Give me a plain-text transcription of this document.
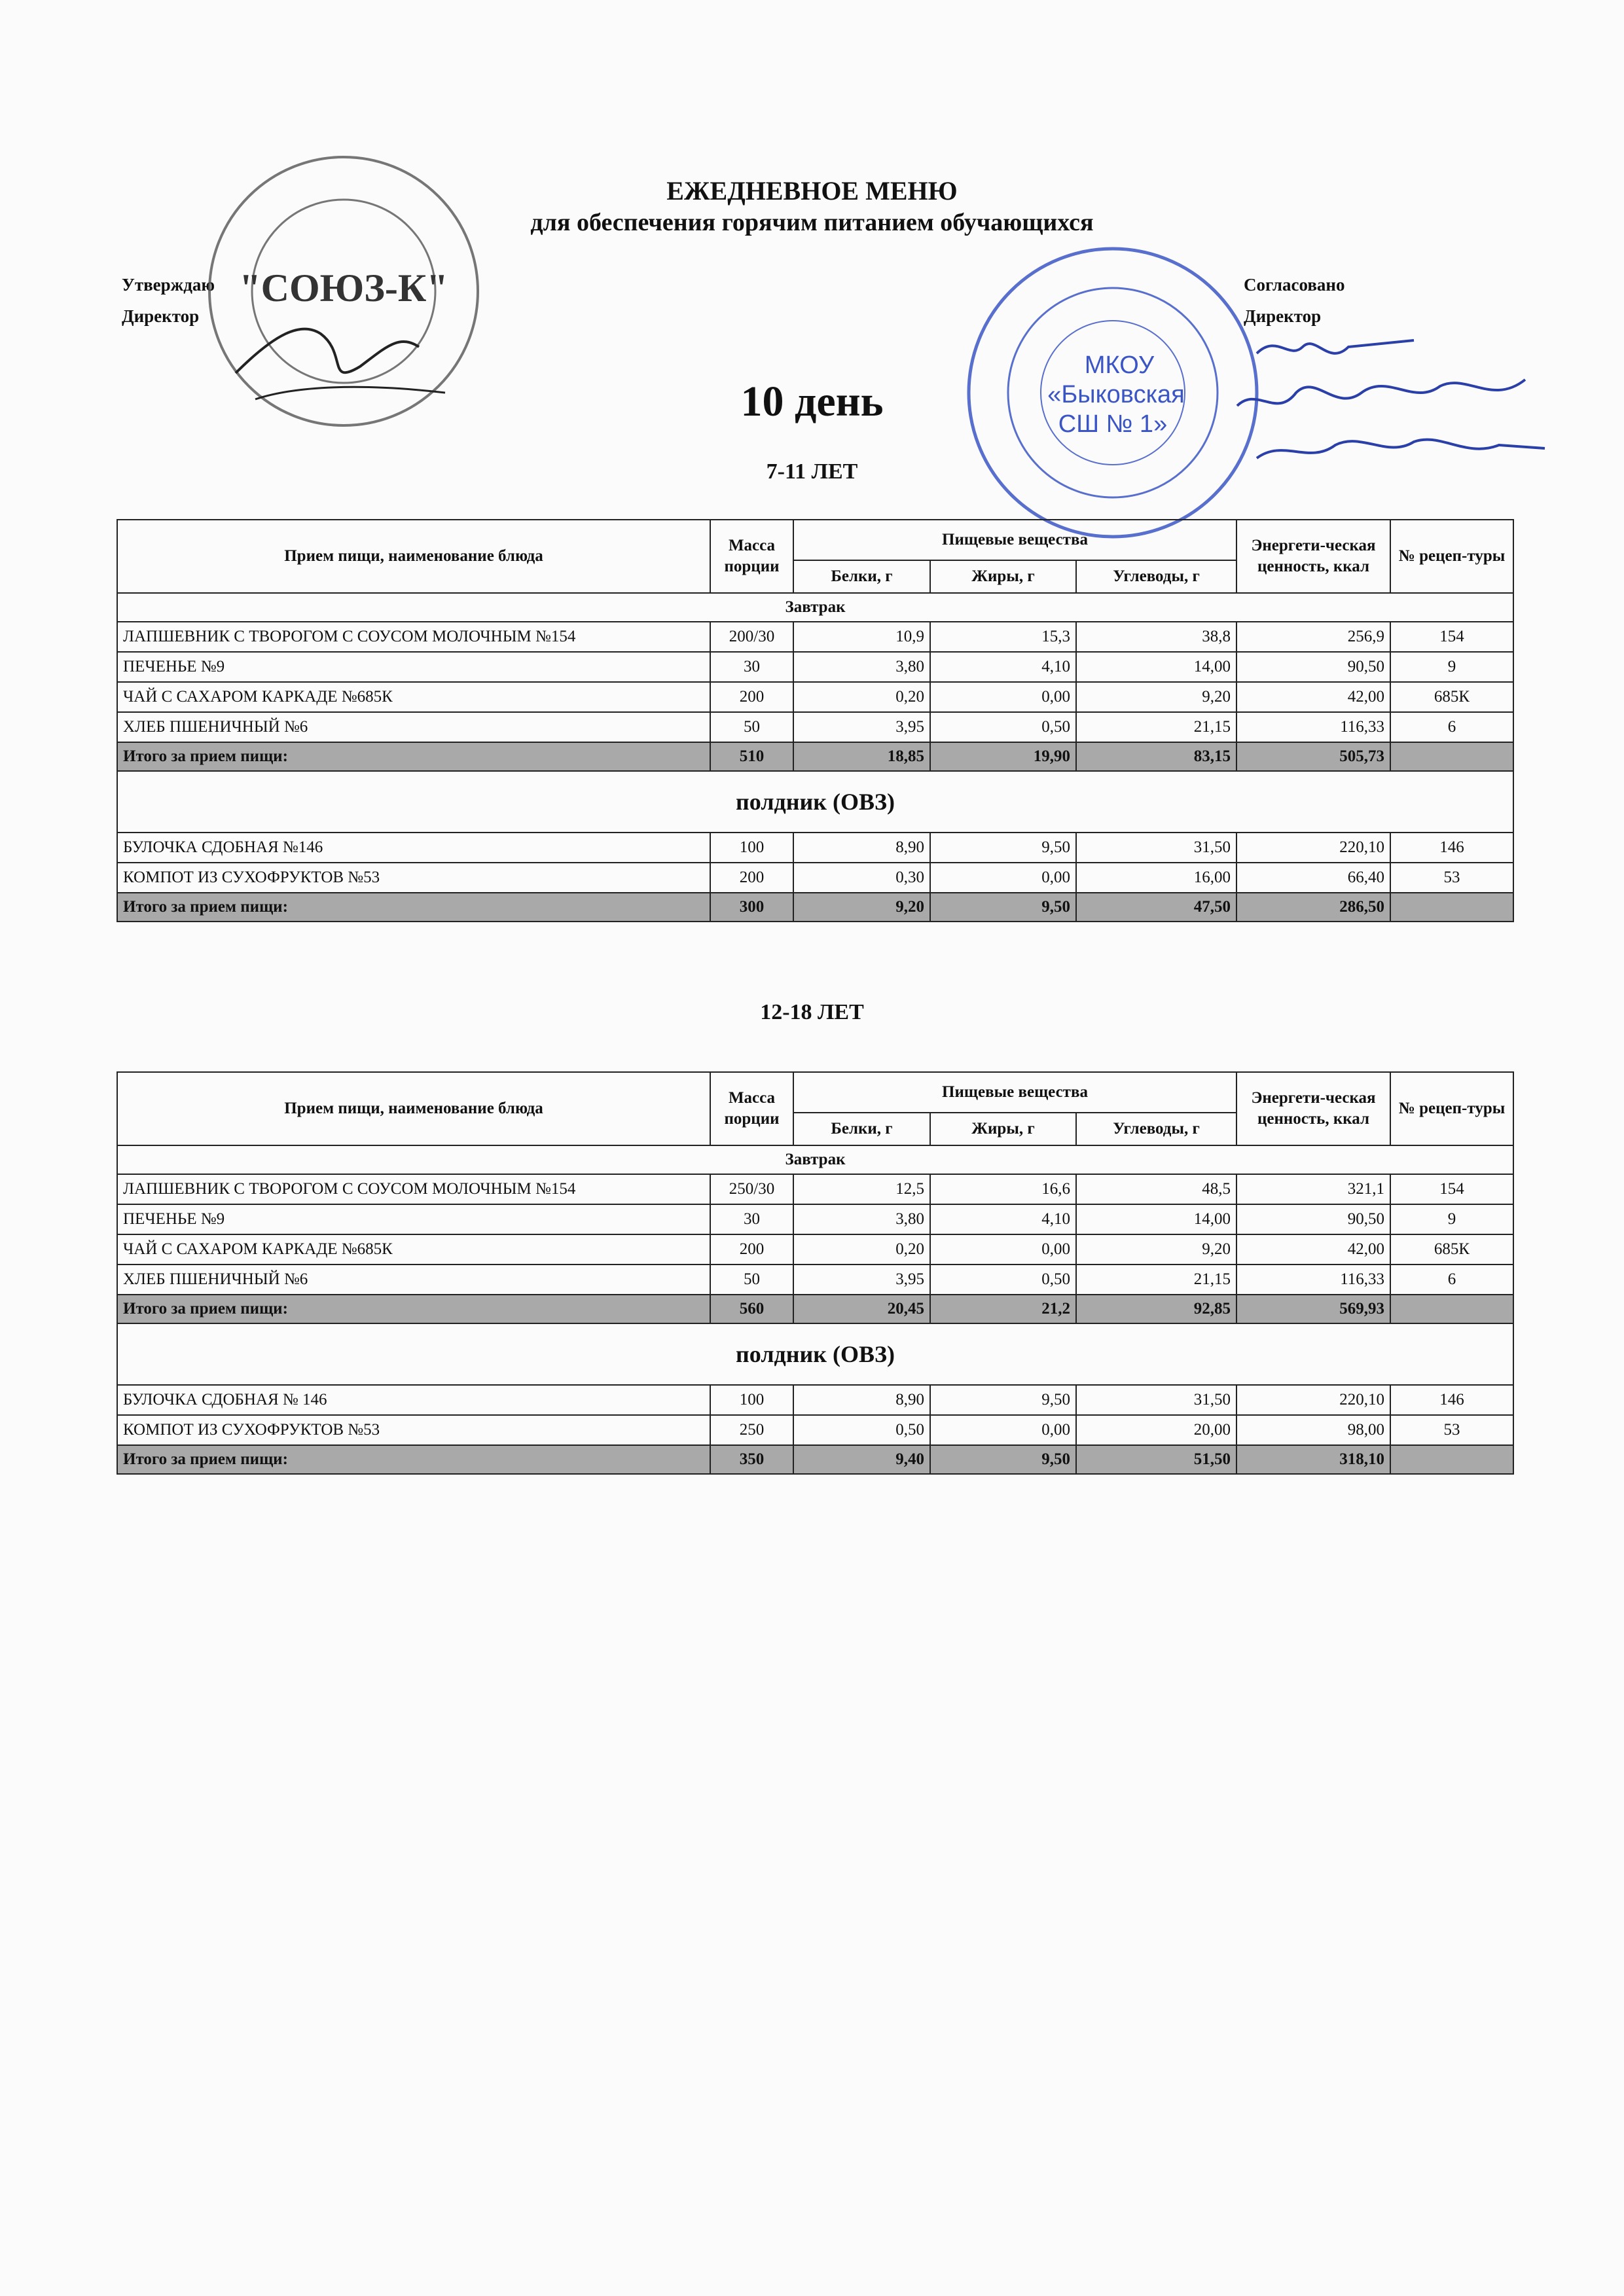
ЕЖЕДНЕВНОЕ МЕНЮ
для обеспечения горячим питанием обучающихся
Утверждаю
Директор
Согласовано
Директор
10 день
"СОЮЗ-К"
МКОУ
«Быковская
СШ № 1»
7-11 ЛЕТ
Прием пищи, наименование блюда	Масса порции	Пищевые вещества			Энергети-ческая ценность, ккал	№ рецеп-туры
		Белки, г	Жиры, г	Углеводы, г		
Завтрак						
ЛАПШЕВНИК С ТВОРОГОМ С СОУСОМ МОЛОЧНЫМ №154	200/30	10,9	15,3	38,8	256,9	154
ПЕЧЕНЬЕ №9	30	3,80	4,10	14,00	90,50	9
ЧАЙ С САХАРОМ КАРКАДЕ №685К	200	0,20	0,00	9,20	42,00	685К
ХЛЕБ ПШЕНИЧНЫЙ №6	50	3,95	0,50	21,15	116,33	6
Итого за прием пищи:	510	18,85	19,90	83,15	505,73	
полдник (ОВЗ)						
БУЛОЧКА СДОБНАЯ №146	100	8,90	9,50	31,50	220,10	146
КОМПОТ ИЗ СУХОФРУКТОВ №53	200	0,30	0,00	16,00	66,40	53
Итого за прием пищи:	300	9,20	9,50	47,50	286,50	
12-18 ЛЕТ
Прием пищи, наименование блюда	Масса порции	Пищевые вещества			Энергети-ческая ценность, ккал	№ рецеп-туры
		Белки, г	Жиры, г	Углеводы, г		
Завтрак						
ЛАПШЕВНИК С ТВОРОГОМ С СОУСОМ МОЛОЧНЫМ №154	250/30	12,5	16,6	48,5	321,1	154
ПЕЧЕНЬЕ №9	30	3,80	4,10	14,00	90,50	9
ЧАЙ С САХАРОМ КАРКАДЕ №685К	200	0,20	0,00	9,20	42,00	685К
ХЛЕБ ПШЕНИЧНЫЙ №6	50	3,95	0,50	21,15	116,33	6
Итого за прием пищи:	560	20,45	21,2	92,85	569,93	
полдник (ОВЗ)						
БУЛОЧКА СДОБНАЯ № 146	100	8,90	9,50	31,50	220,10	146
КОМПОТ ИЗ СУХОФРУКТОВ №53	250	0,50	0,00	20,00	98,00	53
Итого за прием пищи:	350	9,40	9,50	51,50	318,10	
